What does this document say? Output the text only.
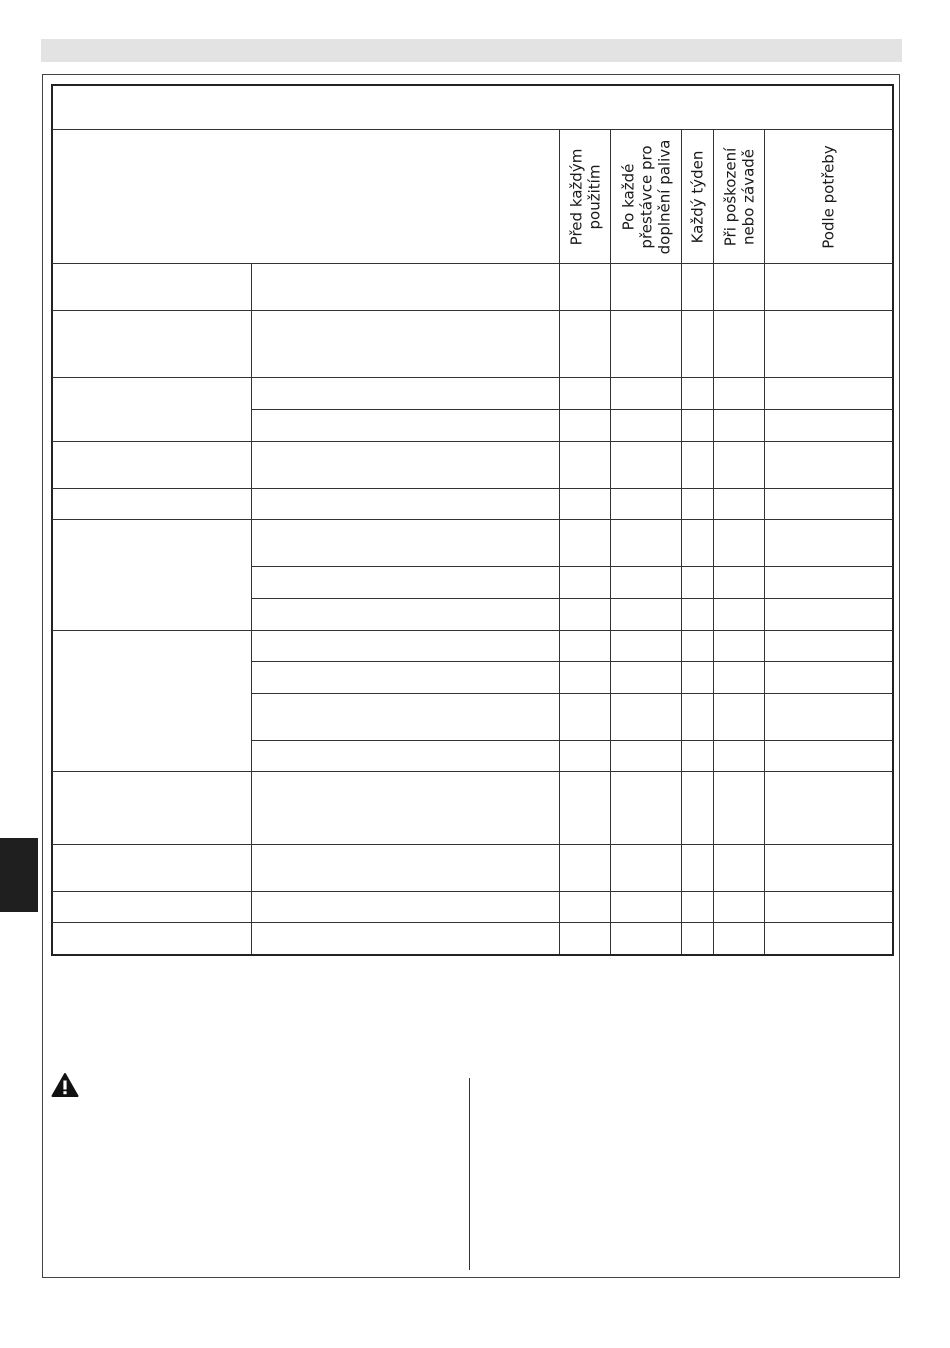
Před každým
použitím Po každé
přestávce pro
doplnění paliva Každý týden Při poškození
nebo závadě	Podle potřeby
